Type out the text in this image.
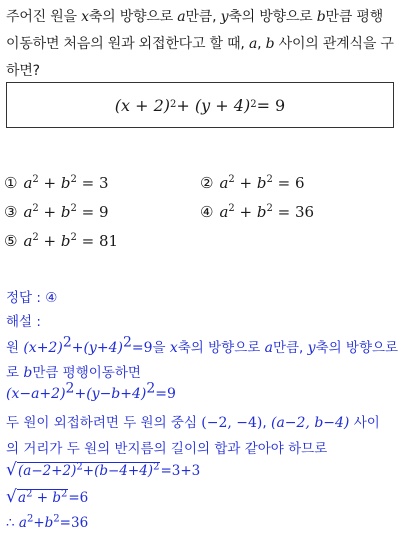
주어진 원을 x축의 방향으로 a만큼, y축의 방향으로 b만큼 평행
이동하면 처음의 원과 외접한다고 할 때, a, b 사이의 관계식을 구
하면?
(x + 2) 2 + (y + 4) 2 = 9
① $a^2 + b^2 = 3$	② $a^2 + b^2 = 6$
③ $a^2 + b^2 = 9$	④ $a^2 + b^2 = 36$
⑤ $a^2 + b^2 = 81$
정답 : ④
해설 :
원 $(x+2)^2+(y+4)^2=9$을 x축의 방향으로 a만큼, y축의 방향으로
로 b만큼 평행이동하면
$(x-a+2)^2+(y-b+4)^2=9$
두 원이 외접하려면 두 원의 중심 (−2, −4), (a−2, b−4) 사이
의 거리가 두 원의 반지름의 길이의 합과 같아야 하므로
√ $(a-2+2)^2+(b-4+4)^2=3+3$
√ $a^2 + b^2=6$
∴ $a^2+b^2=36$
